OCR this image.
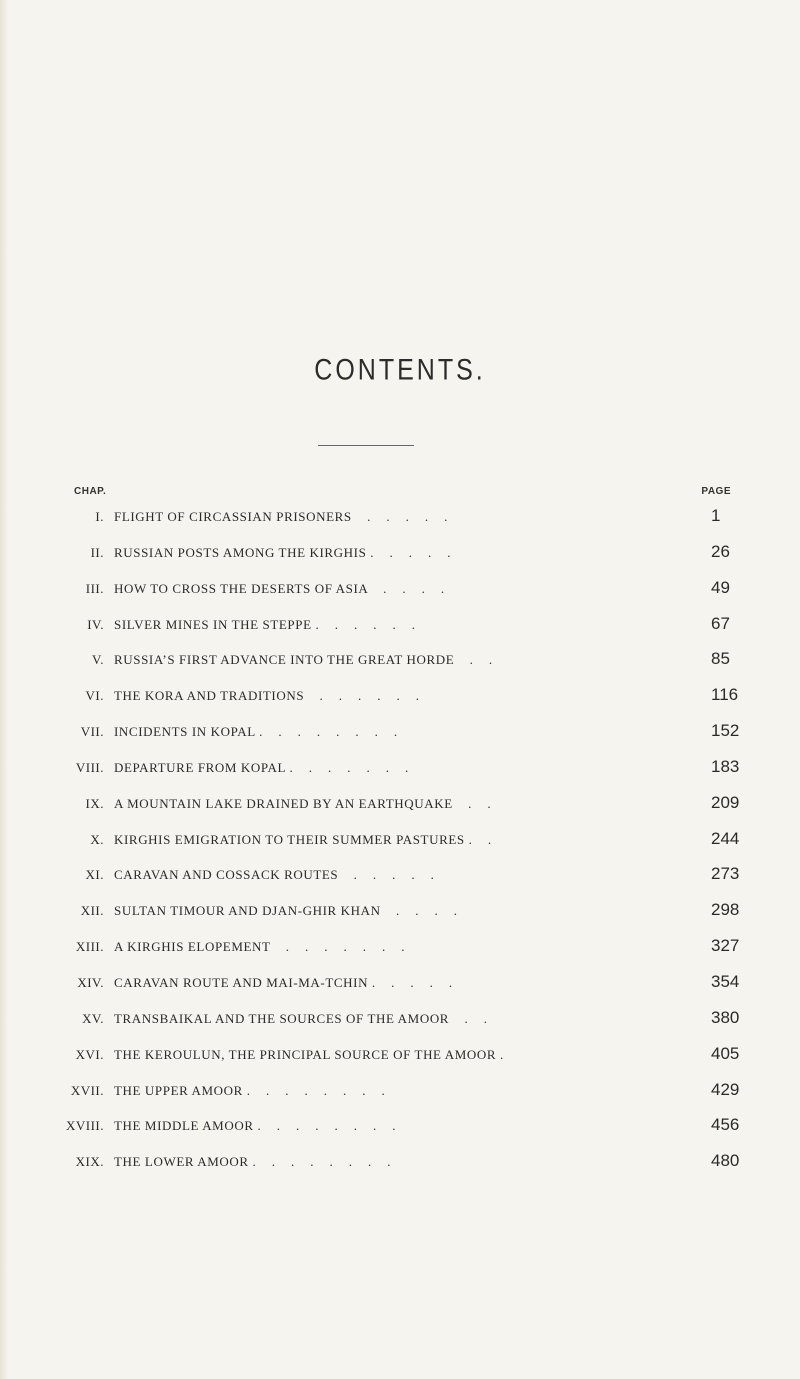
CONTENTS.
CHAP.	PAGE
I. FLIGHT OF CIRCASSIAN PRISONERS    .    .    .    .    .	1
II. RUSSIAN POSTS AMONG THE KIRGHIS .    .    .    .    .	26
III. HOW TO CROSS THE DESERTS OF ASIA    .    .    .    .	49
IV. SILVER MINES IN THE STEPPE .    .    .    .    .    .	67
V. RUSSIA’S FIRST ADVANCE INTO THE GREAT HORDE    .    .	85
VI. THE KORA AND TRADITIONS    .    .    .    .    .    .	116
VII. INCIDENTS IN KOPAL .    .    .    .    .    .    .    .	152
VIII. DEPARTURE FROM KOPAL .    .    .    .    .    .    .	183
IX. A MOUNTAIN LAKE DRAINED BY AN EARTHQUAKE    .    .	209
X. KIRGHIS EMIGRATION TO THEIR SUMMER PASTURES .    .	244
XI. CARAVAN AND COSSACK ROUTES    .    .    .    .    .	273
XII. SULTAN TIMOUR AND DJAN-GHIR KHAN    .    .    .    .	298
XIII. A KIRGHIS ELOPEMENT    .    .    .    .    .    .    .	327
XIV. CARAVAN ROUTE AND MAI-MA-TCHIN .    .    .    .    .	354
XV. TRANSBAIKAL AND THE SOURCES OF THE AMOOR    .    .	380
XVI. THE KEROULUN, THE PRINCIPAL SOURCE OF THE AMOOR .	405
XVII. THE UPPER AMOOR .    .    .    .    .    .    .    .	429
XVIII. THE MIDDLE AMOOR .    .    .    .    .    .    .    .	456
XIX. THE LOWER AMOOR .    .    .    .    .    .    .    .	480
